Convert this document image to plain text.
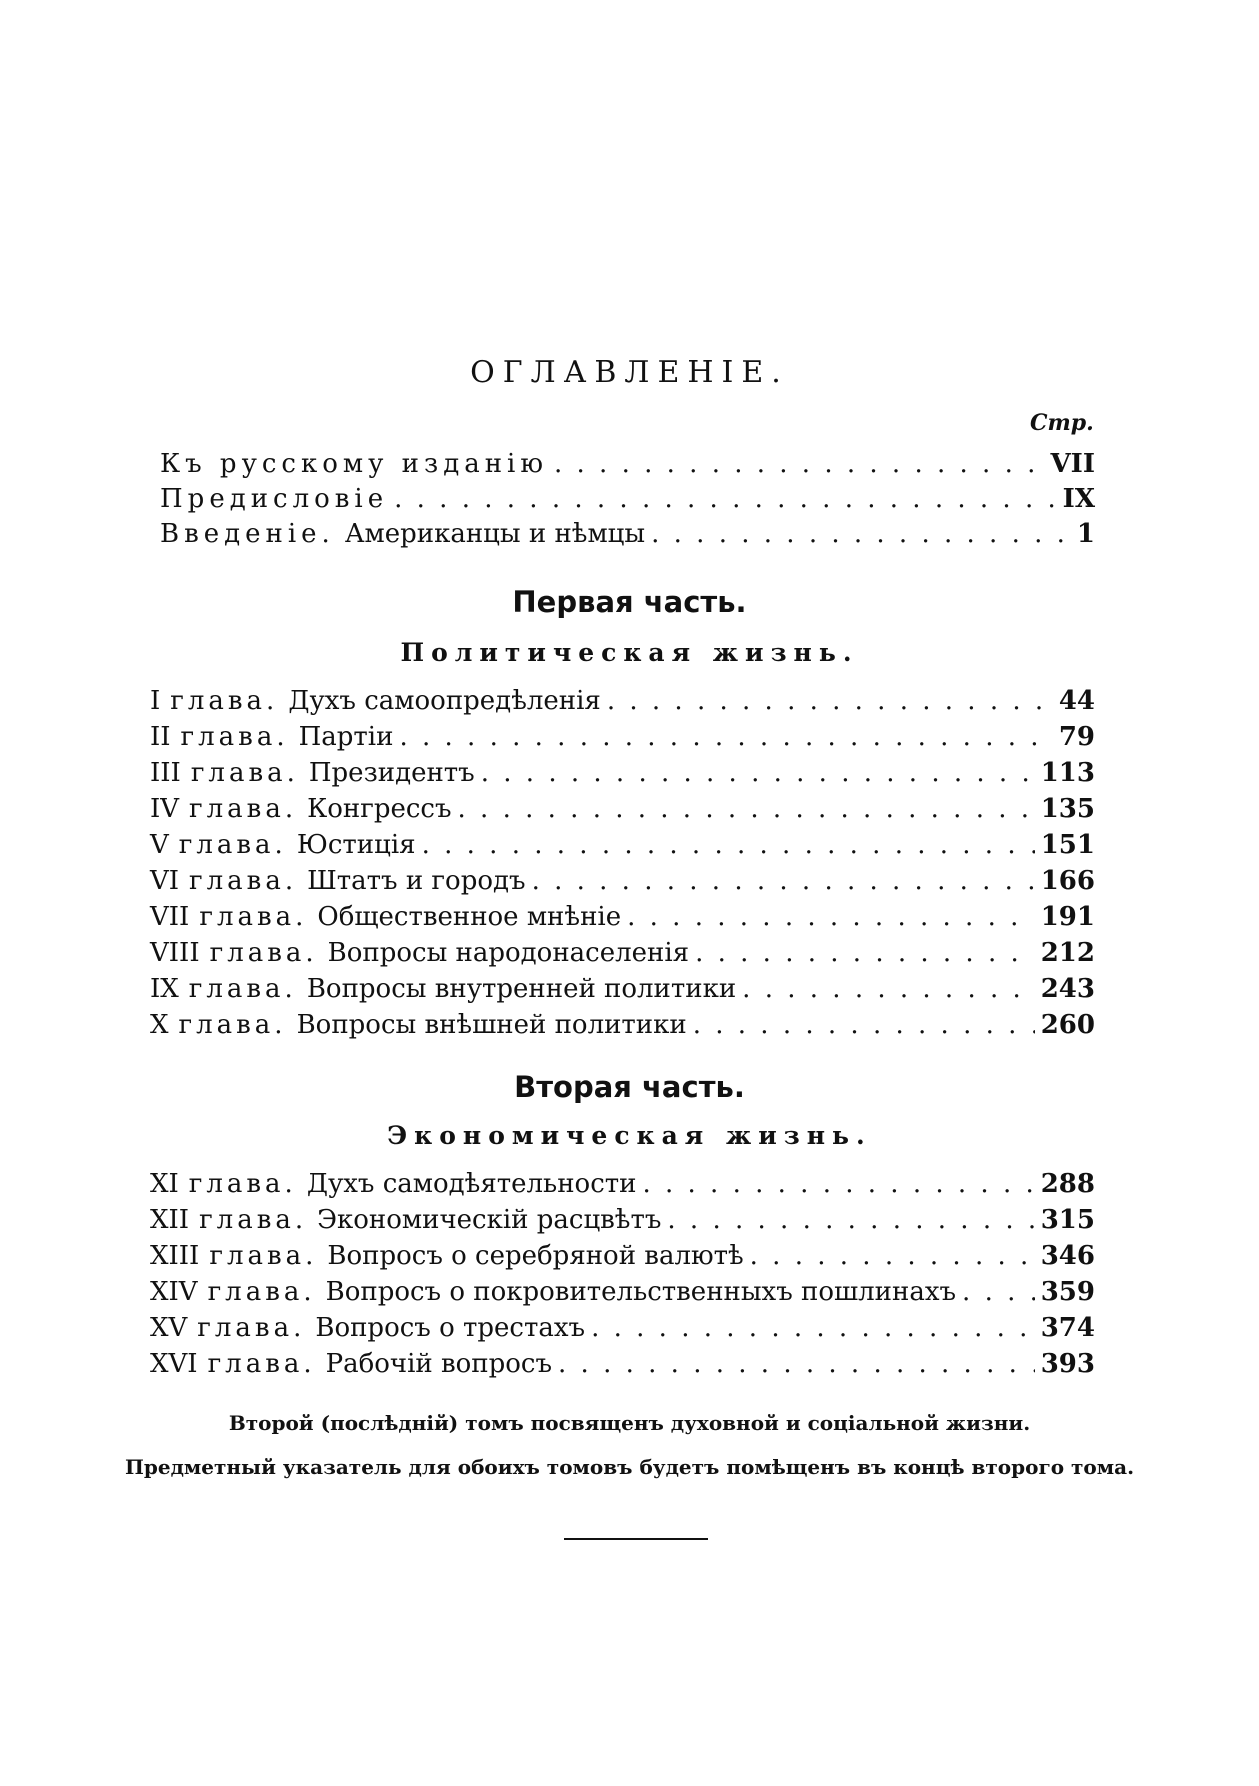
ОГЛАВЛЕНІЕ.
Стр.
Къ русскому изданію . . .	VII
Предисловіе . . .	IX
Введеніе. Американцы и нѣмцы . . .	1
Первая часть.
Политическая жизнь.
I глава. Духъ самоопредѣленія . . .	44
II глава. Партіи . . .	79
III глава. Президентъ . . .	113
IV глава. Конгрессъ . . .	135
V глава. Юстиція . . .	151
VI глава. Штатъ и городъ . . .	166
VII глава. Общественное мнѣніе . . .	191
VIII глава. Вопросы народонаселенія . . .	212
IX глава. Вопросы внутренней политики . . .	243
X глава. Вопросы внѣшней политики . . .	260
Вторая часть.
Экономическая жизнь.
XI глава. Духъ самодѣятельности . . .	288
XII глава. Экономическій расцвѣтъ . . .	315
XIII глава. Вопросъ о серебряной валютѣ . . .	346
XIV глава. Вопросъ о покровительственныхъ пошлинахъ . . .	359
XV глава. Вопросъ о трестахъ . . .	374
XVI глава. Рабочій вопросъ . . .	393
Второй (послѣдній) томъ посвященъ духовной и соціальной жизни.
Предметный указатель для обоихъ томовъ будетъ помѣщенъ въ концѣ второго тома.
